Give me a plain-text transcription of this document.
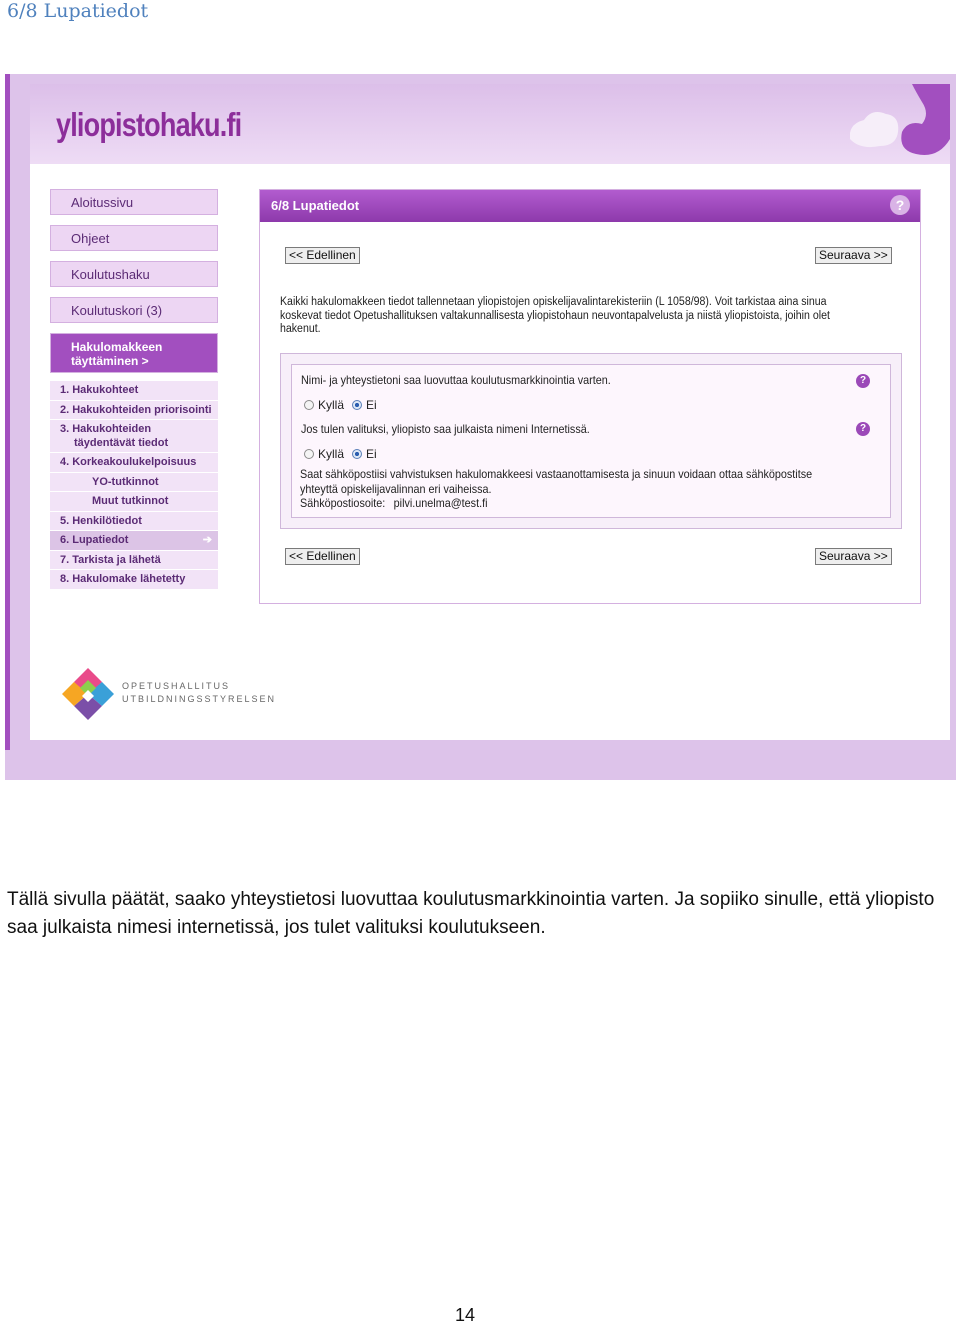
6/8 Lupatiedot
yliopistohaku.fi
Aloitussivu
Ohjeet
Koulutushaku
Koulutuskori (3)
Hakulomakkeen
täyttäminen >
1. Hakukohteet
2. Hakukohteiden priorisointi
3. Hakukohteiden
täydentävät tiedot
4. Korkeakoulukelpoisuus
YO-tutkinnot
Muut tutkinnot
5. Henkilötiedot
6. Lupatiedot	➔
7. Tarkista ja lähetä
8. Hakulomake lähetetty
6/8 Lupatiedot	?
<< Edellinen	Seuraava >>
Kaikki hakulomakkeen tiedot tallennetaan yliopistojen opiskelijavalintarekisteriin (L 1058/98). Voit tarkistaa aina sinua
koskevat tiedot Opetushallituksen valtakunnallisesta yliopistohaun neuvontapalvelusta ja niistä yliopistoista, joihin olet
hakenut.
Nimi- ja yhteystietoni saa luovuttaa koulutusmarkkinointia varten.	?
Kyllä Ei
Jos tulen valituksi, yliopisto saa julkaista nimeni Internetissä.	?
Kyllä Ei
Saat sähköpostiisi vahvistuksen hakulomakkeesi vastaanottamisesta ja sinuun voidaan ottaa sähköpostitse
yhteyttä opiskelijavalinnan eri vaiheissa.
Sähköpostiosoite: pilvi.unelma@test.fi
<< Edellinen	Seuraava >>
OPETUSHALLITUS
UTBILDNINGSSTYRELSEN
Tällä sivulla päätät, saako yhteystietosi luovuttaa koulutusmarkkinointia varten. Ja sopiiko sinulle, että yliopisto saa julkaista nimesi internetissä, jos tulet valituksi koulutukseen.
14
